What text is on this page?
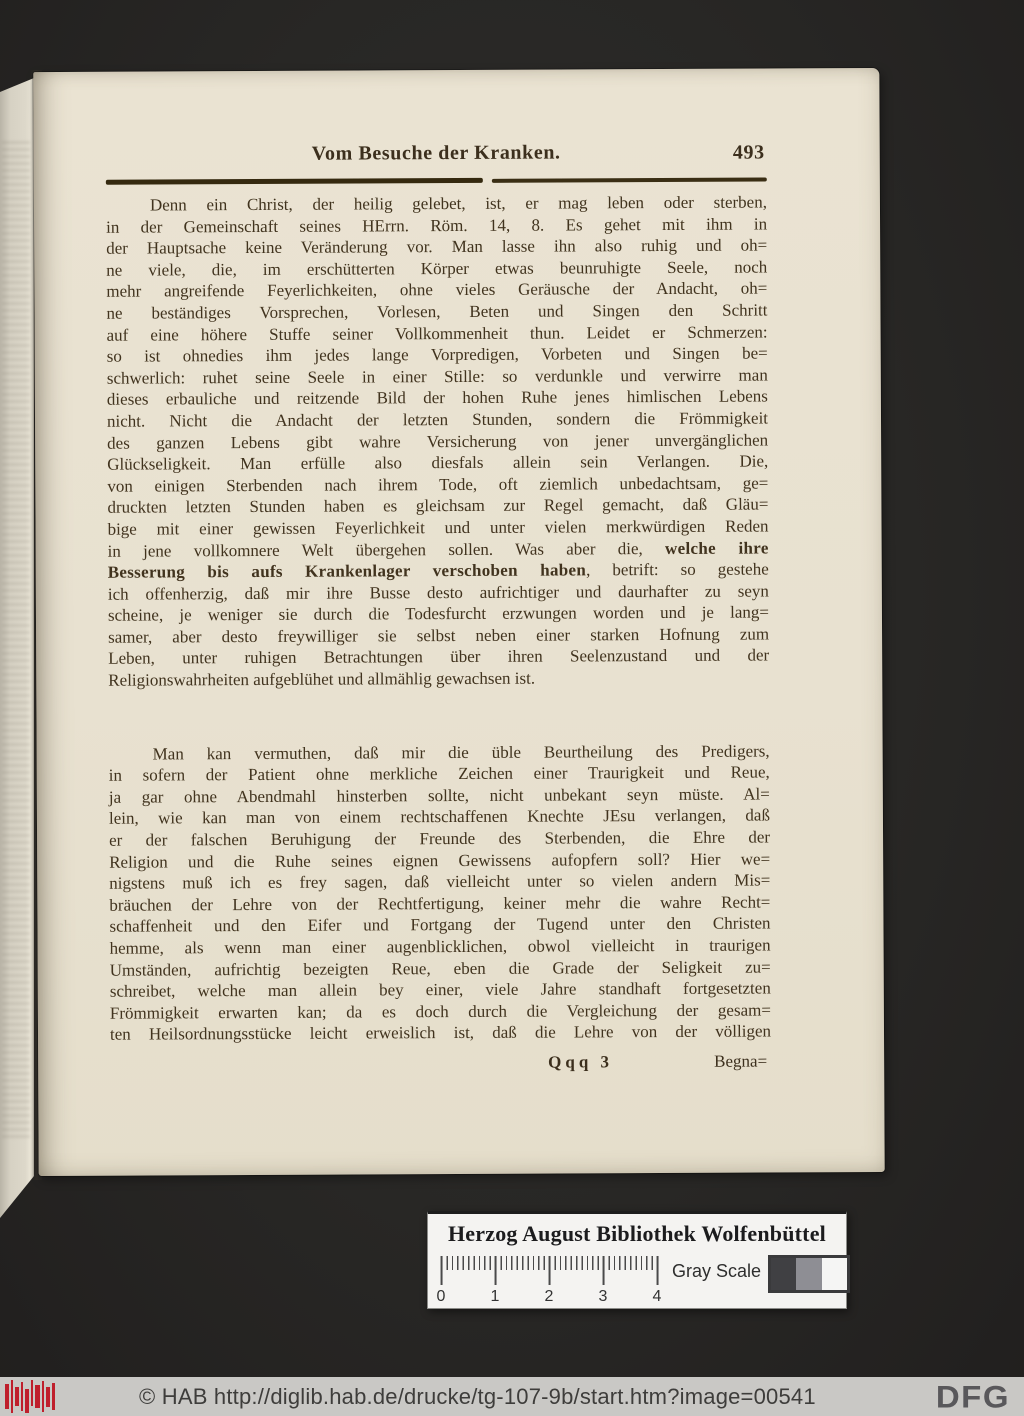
Vom Besuche der Kranken.	493
Denn ein Christ, der heilig gelebet, ist, er mag leben oder sterben,
in der Gemeinschaft seines HErrn. Röm. 14, 8. Es gehet mit ihm in
der Hauptsache keine Veränderung vor. Man lasse ihn also ruhig und oh=
ne viele, die, im erschütterten Körper etwas beunruhigte Seele, noch
mehr angreifende Feyerlichkeiten, ohne vieles Geräusche der Andacht, oh=
ne beständiges Vorsprechen, Vorlesen, Beten und Singen den Schritt
auf eine höhere Stuffe seiner Vollkommenheit thun. Leidet er Schmerzen:
so ist ohnedies ihm jedes lange Vorpredigen, Vorbeten und Singen be=
schwerlich: ruhet seine Seele in einer Stille: so verdunkle und verwirre man
dieses erbauliche und reitzende Bild der hohen Ruhe jenes himlischen Lebens
nicht. Nicht die Andacht der letzten Stunden, sondern die Frömmigkeit
des ganzen Lebens gibt wahre Versicherung von jener unvergänglichen
Glückseligkeit. Man erfülle also diesfals allein sein Verlangen. Die,
von einigen Sterbenden nach ihrem Tode, oft ziemlich unbedachtsam, ge=
druckten letzten Stunden haben es gleichsam zur Regel gemacht, daß Gläu=
bige mit einer gewissen Feyerlichkeit und unter vielen merkwürdigen Reden
in jene vollkomnere Welt übergehen sollen. Was aber die, welche ihre
Besserung bis aufs Krankenlager verschoben haben, betrift: so gestehe
ich offenherzig, daß mir ihre Busse desto aufrichtiger und daurhafter zu seyn
scheine, je weniger sie durch die Todesfurcht erzwungen worden und je lang=
samer, aber desto freywilliger sie selbst neben einer starken Hofnung zum
Leben, unter ruhigen Betrachtungen über ihren Seelenzustand und der
Religionswahrheiten aufgeblühet und allmählig gewachsen ist.
Man kan vermuthen, daß mir die üble Beurtheilung des Predigers,
in sofern der Patient ohne merkliche Zeichen einer Traurigkeit und Reue,
ja gar ohne Abendmahl hinsterben sollte, nicht unbekant seyn müste. Al=
lein, wie kan man von einem rechtschaffenen Knechte JEsu verlangen, daß
er der falschen Beruhigung der Freunde des Sterbenden, die Ehre der
Religion und die Ruhe seines eignen Gewissens aufopfern soll? Hier we=
nigstens muß ich es frey sagen, daß vielleicht unter so vielen andern Mis=
bräuchen der Lehre von der Rechtfertigung, keiner mehr die wahre Recht=
schaffenheit und den Eifer und Fortgang der Tugend unter den Christen
hemme, als wenn man einer augenblicklichen, obwol vielleicht in traurigen
Umständen, aufrichtig bezeigten Reue, eben die Grade der Seligkeit zu=
schreibet, welche man allein bey einer, viele Jahre standhaft fortgesetzten
Frömmigkeit erwarten kan; da es doch durch die Vergleichung der gesam=
ten Heilsordnungsstücke leicht erweislich ist, daß die Lehre von der völligen
Qqq 3	Begna=
Herzog August Bibliothek Wolfenbüttel
0	1	2	3	4
Gray Scale
© HAB http://diglib.hab.de/drucke/tg-107-9b/start.htm?image=00541	DFG
